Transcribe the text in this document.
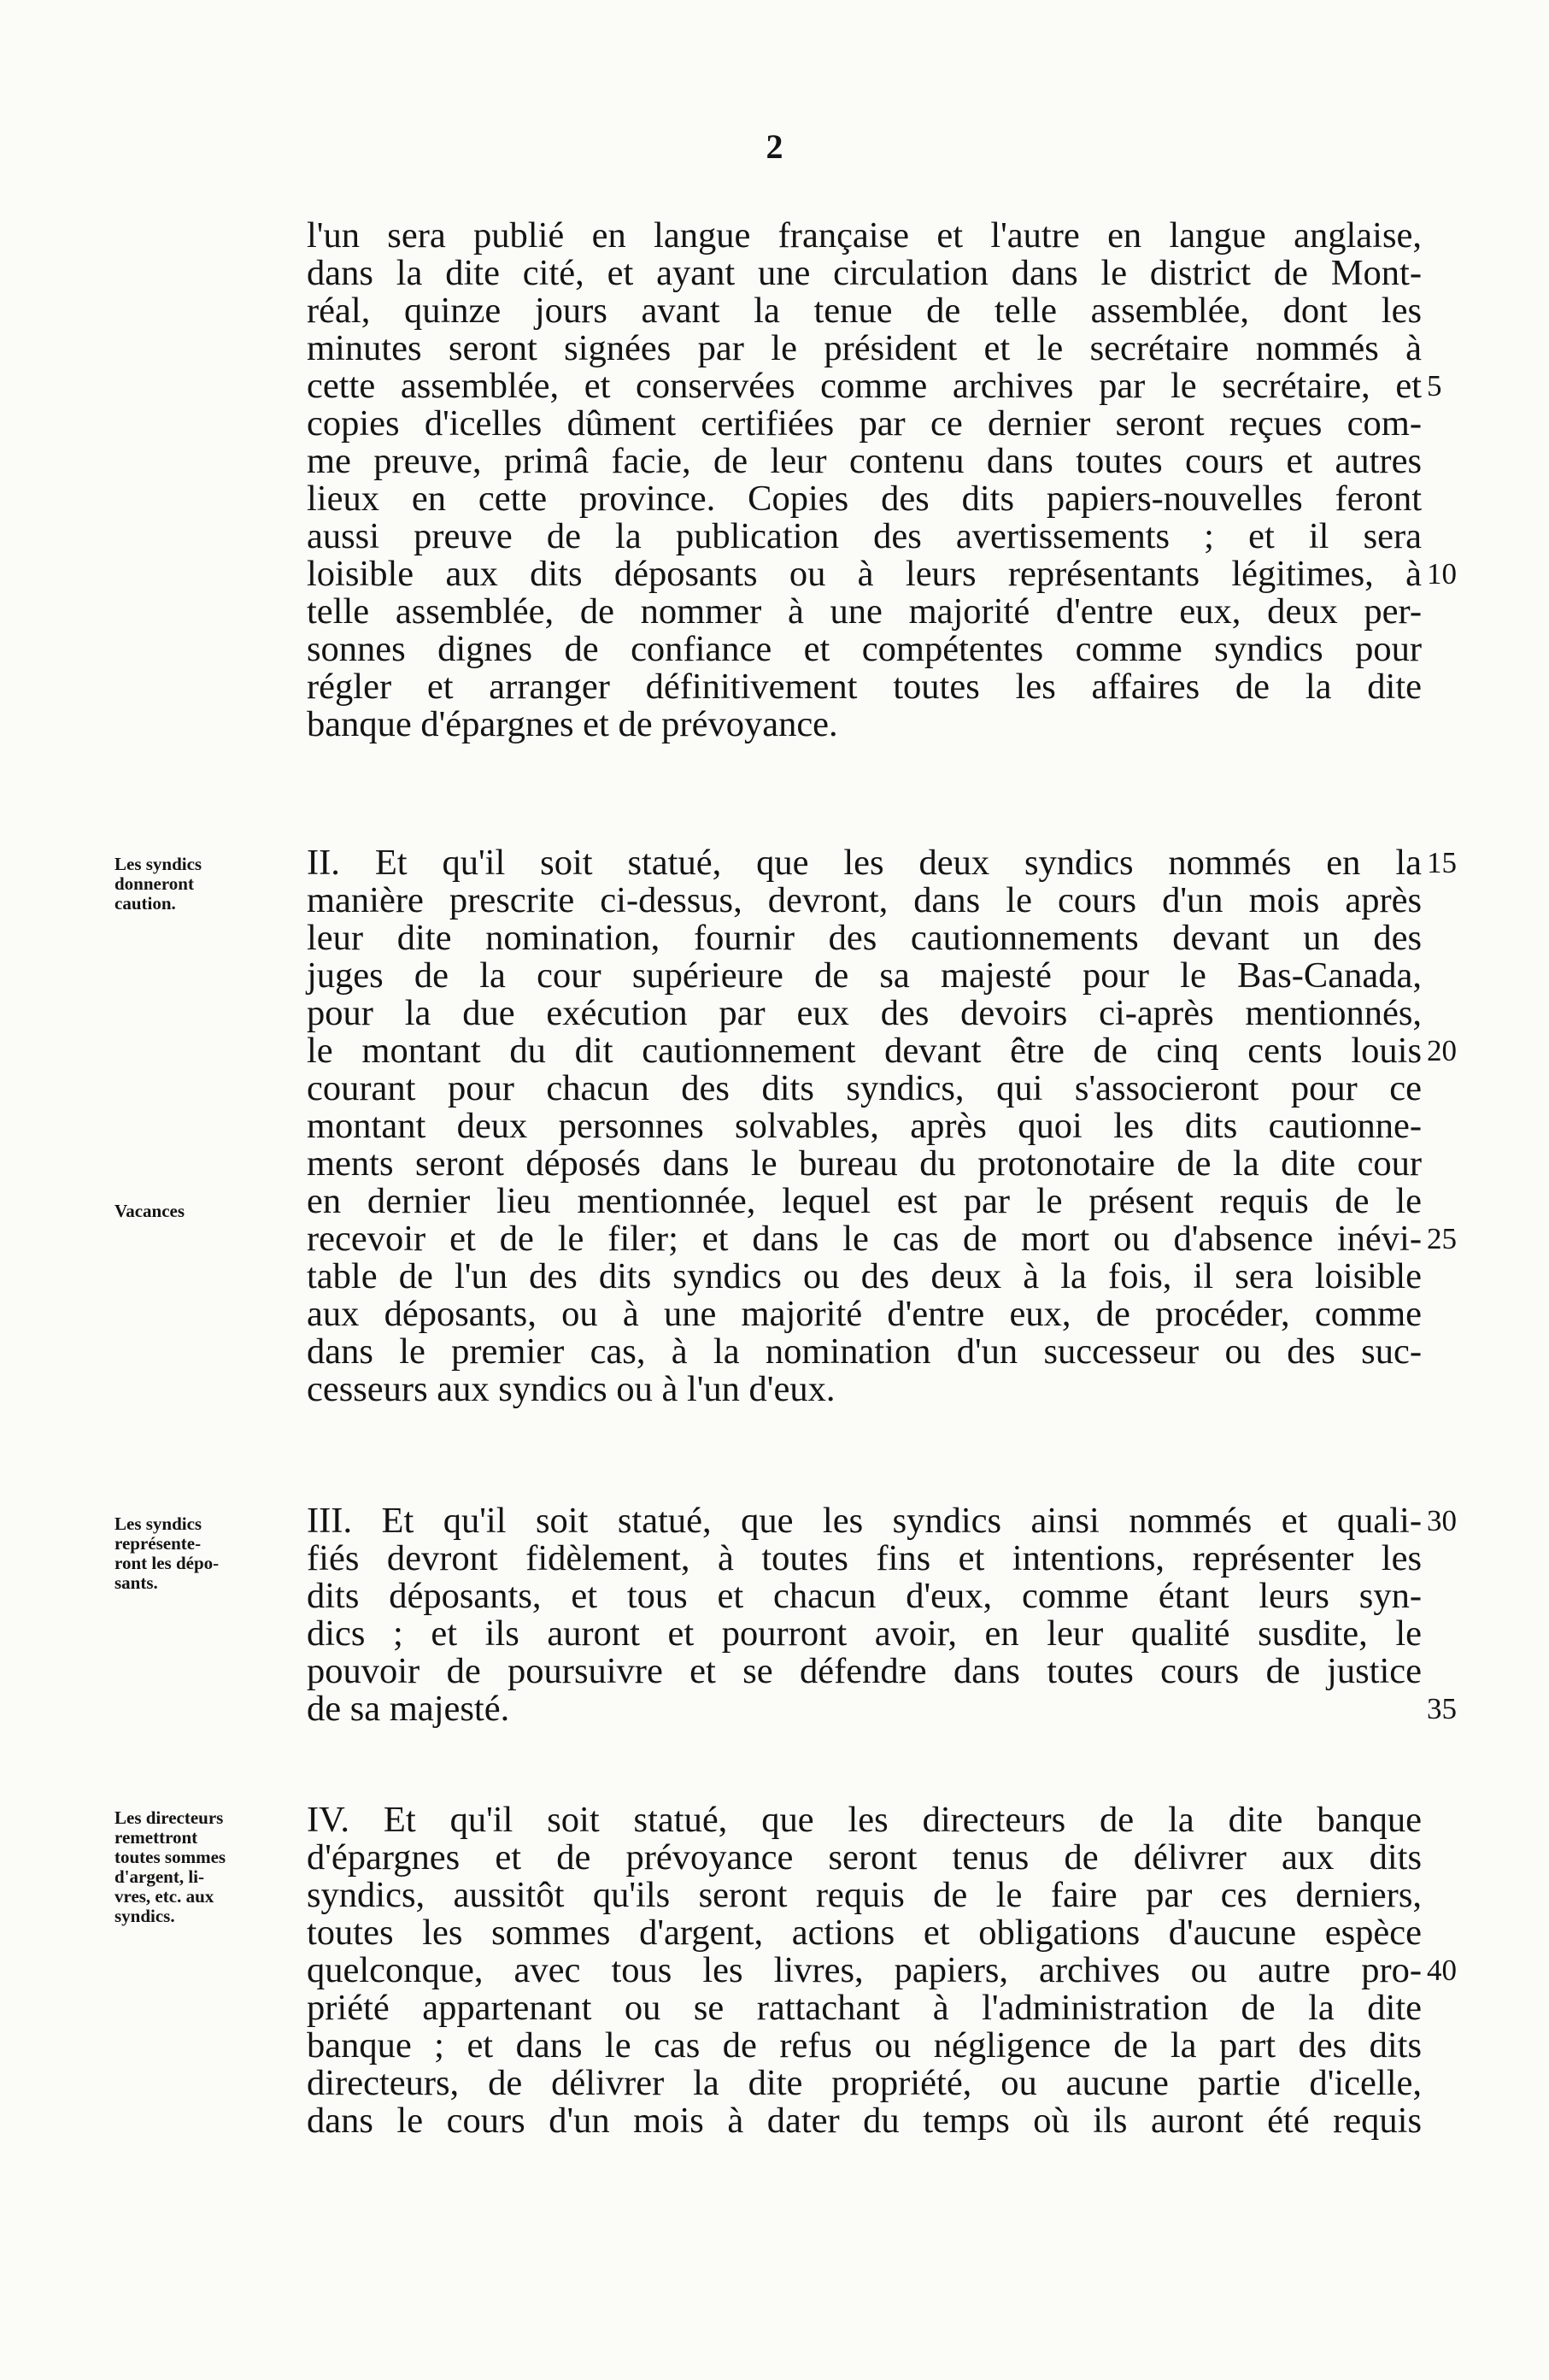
2
l'un sera publié en langue française et l'autre en langue anglaise,
dans la dite cité, et ayant une circulation dans le district de Mont-
réal, quinze jours avant la tenue de telle assemblée, dont les
minutes seront signées par le président et le secrétaire nommés à
cette assemblée, et conservées comme archives par le secrétaire, et
copies d'icelles dûment certifiées par ce dernier seront reçues com-
me preuve, primâ facie, de leur contenu dans toutes cours et autres
lieux en cette province. Copies des dits papiers-nouvelles feront
aussi preuve de la publication des avertissements ; et il sera
loisible aux dits déposants ou à leurs représentants légitimes, à
telle assemblée, de nommer à une majorité d'entre eux, deux per-
sonnes dignes de confiance et compétentes comme syndics pour
régler et arranger définitivement toutes les affaires de la dite
banque d'épargnes et de prévoyance.
II. Et qu'il soit statué, que les deux syndics nommés en la
manière prescrite ci-dessus, devront, dans le cours d'un mois après
leur dite nomination, fournir des cautionnements devant un des
juges de la cour supérieure de sa majesté pour le Bas-Canada,
pour la due exécution par eux des devoirs ci-après mentionnés,
le montant du dit cautionnement devant être de cinq cents louis
courant pour chacun des dits syndics, qui s'associeront pour ce
montant deux personnes solvables, après quoi les dits cautionne-
ments seront déposés dans le bureau du protonotaire de la dite cour
en dernier lieu mentionnée, lequel est par le présent requis de le
recevoir et de le filer; et dans le cas de mort ou d'absence inévi-
table de l'un des dits syndics ou des deux à la fois, il sera loisible
aux déposants, ou à une majorité d'entre eux, de procéder, comme
dans le premier cas, à la nomination d'un successeur ou des suc-
cesseurs aux syndics ou à l'un d'eux.
III. Et qu'il soit statué, que les syndics ainsi nommés et quali-
fiés devront fidèlement, à toutes fins et intentions, représenter les
dits déposants, et tous et chacun d'eux, comme étant leurs syn-
dics ; et ils auront et pourront avoir, en leur qualité susdite, le
pouvoir de poursuivre et se défendre dans toutes cours de justice
de sa majesté.
IV. Et qu'il soit statué, que les directeurs de la dite banque
d'épargnes et de prévoyance seront tenus de délivrer aux dits
syndics, aussitôt qu'ils seront requis de le faire par ces derniers,
toutes les sommes d'argent, actions et obligations d'aucune espèce
quelconque, avec tous les livres, papiers, archives ou autre pro-
priété appartenant ou se rattachant à l'administration de la dite
banque ; et dans le cas de refus ou négligence de la part des dits
directeurs, de délivrer la dite propriété, ou aucune partie d'icelle,
dans le cours d'un mois à dater du temps où ils auront été requis
Les syndics
donneront
caution.
Vacances
Les syndics
représente-
ront les dépo-
sants.
Les directeurs
remettront
toutes sommes
d'argent, li-
vres, etc. aux
syndics.
5
10
15
20
25
30
35
40
